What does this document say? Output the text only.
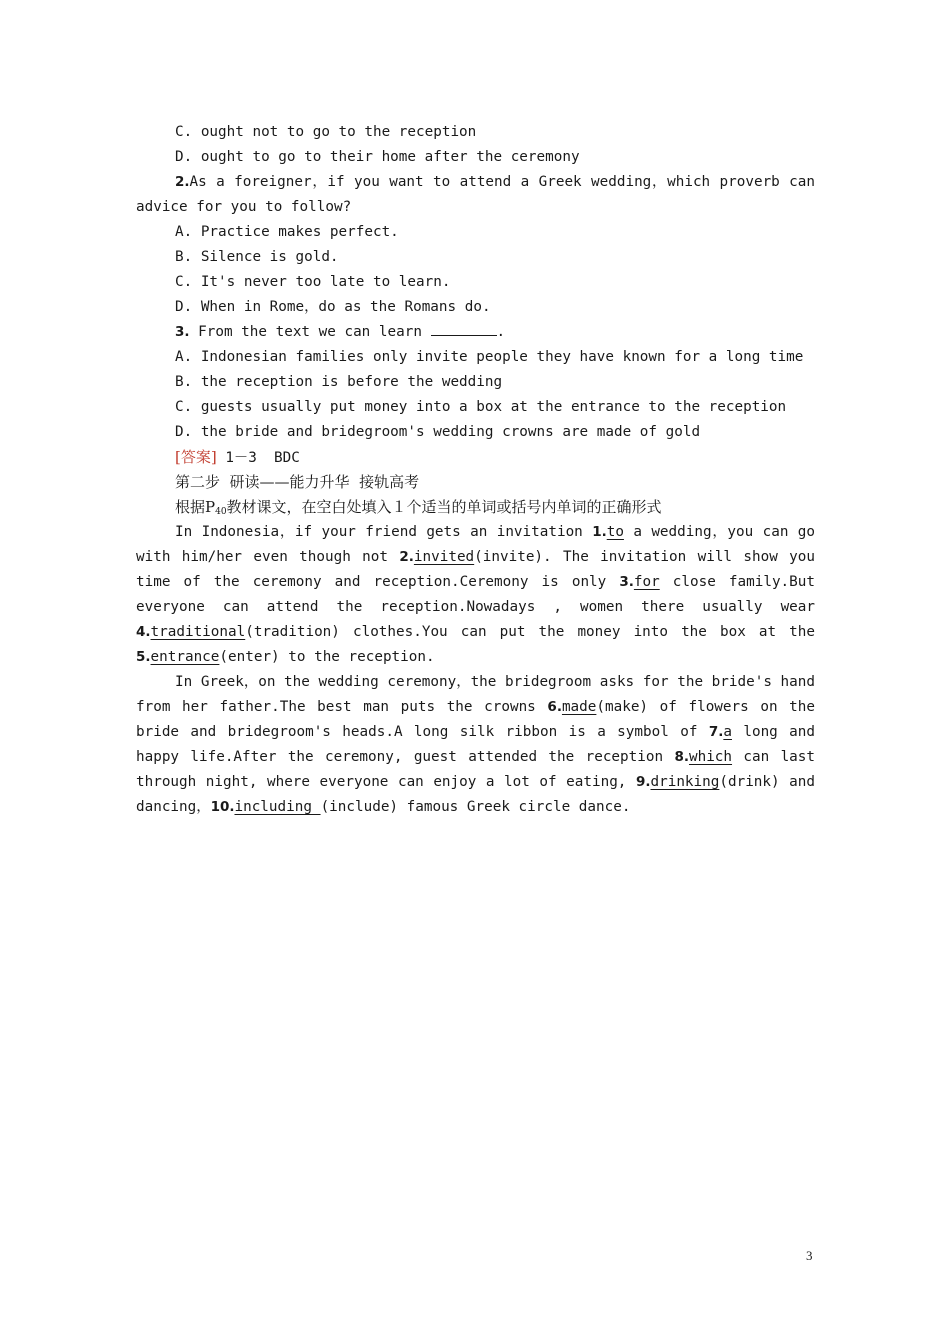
C. ought not to go to the reception
D. ought to go to their home after the ceremony
2.As a foreigner，if you want to attend a Greek wedding，which proverb can
advice for you to follow?
A. Practice makes perfect.
B. Silence is gold.
C. It's never too late to learn.
D. When in Rome，do as the Romans do.
3. From the text we can learn	.
A. Indonesian families only invite people they have known for a long time
B. the reception is before the wedding
C. guests usually put money into a box at the entrance to the reception
D. the bride and bridegroom's wedding crowns are made of gold
[答案] 1－3  BDC
第二步  研读——能力升华  接轨高考
根据$P_{40}$教材课文，在空白处填入１个适当的单词或括号内单词的正确形式
In Indonesia，if your friend gets an invitation 1.to a wedding，you can go
with him/her even though not 2.invited(invite). The invitation will show you
time of the ceremony and reception.Ceremony is only 3.for close family.But
everyone can attend the reception.Nowadays , women there usually wear
4.traditional(tradition) clothes.You can put the money into the box at the
5.entrance(enter) to the reception.
In Greek，on the wedding ceremony，the bridegroom asks for the bride's hand
from her father.The best man puts the crowns 6.made(make) of flowers on the
bride and bridegroom's heads.A long silk ribbon is a symbol of 7.a long and
happy life.After the ceremony, guest attended the reception 8.which can last
through night, where everyone can enjoy a lot of eating, 9.drinking(drink) and
dancing，10.including (include) famous Greek circle dance.
3
